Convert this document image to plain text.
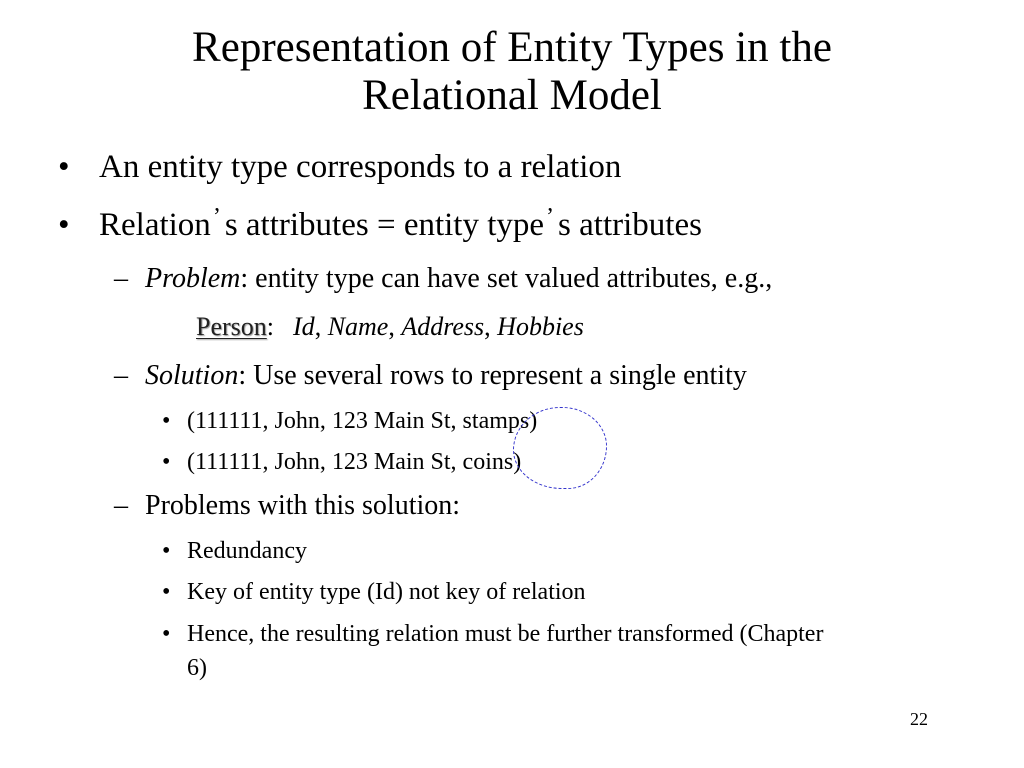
Representation of Entity Types in the
Relational Model
• An entity type corresponds to a relation
• Relation’ s attributes = entity type’ s attributes
– Problem: entity type can have set valued attributes, e.g.,
Person: Id, Name, Address, Hobbies
– Solution: Use several rows to represent a single entity
• (111111, John, 123 Main St, stamps)
• (111111, John, 123 Main St, coins)
– Problems with this solution:
• Redundancy
• Key of entity type (Id) not key of relation
• Hence, the resulting relation must be further transformed (Chapter
6)
22
